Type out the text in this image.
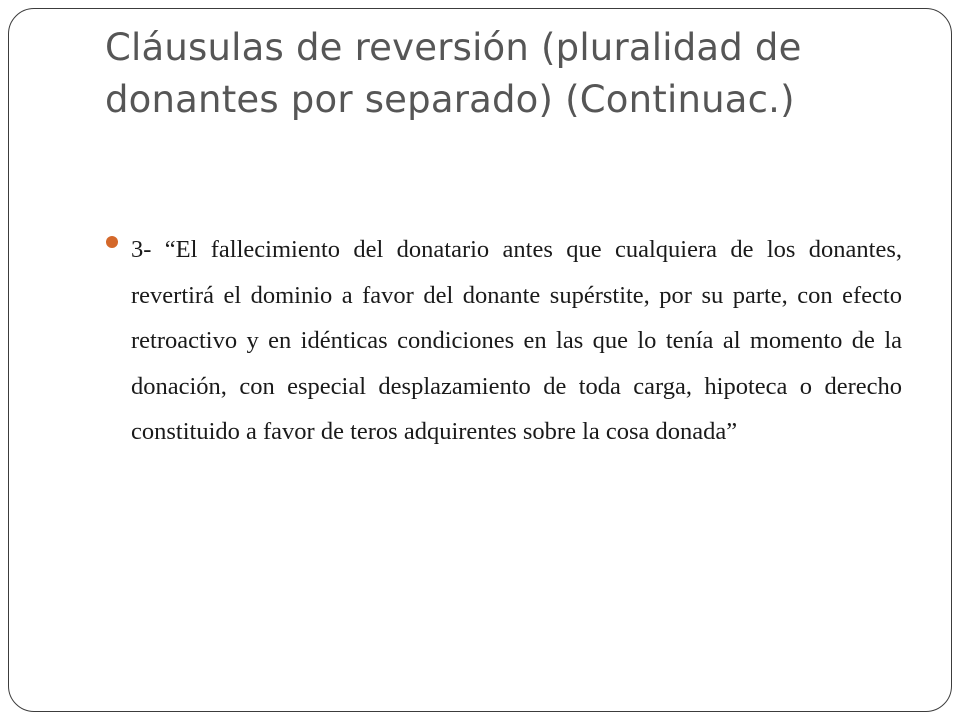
Cláusulas de reversión (pluralidad de donantes por separado) (Continuac.)
3- “El fallecimiento del donatario antes que cualquiera de los donantes, revertirá el dominio a favor del donante supérstite, por su parte, con efecto retroactivo y en idénticas condiciones en las que lo tenía al momento de la donación, con especial desplazamiento de toda carga, hipoteca o derecho constituido a favor de teros adquirentes sobre la cosa donada”
